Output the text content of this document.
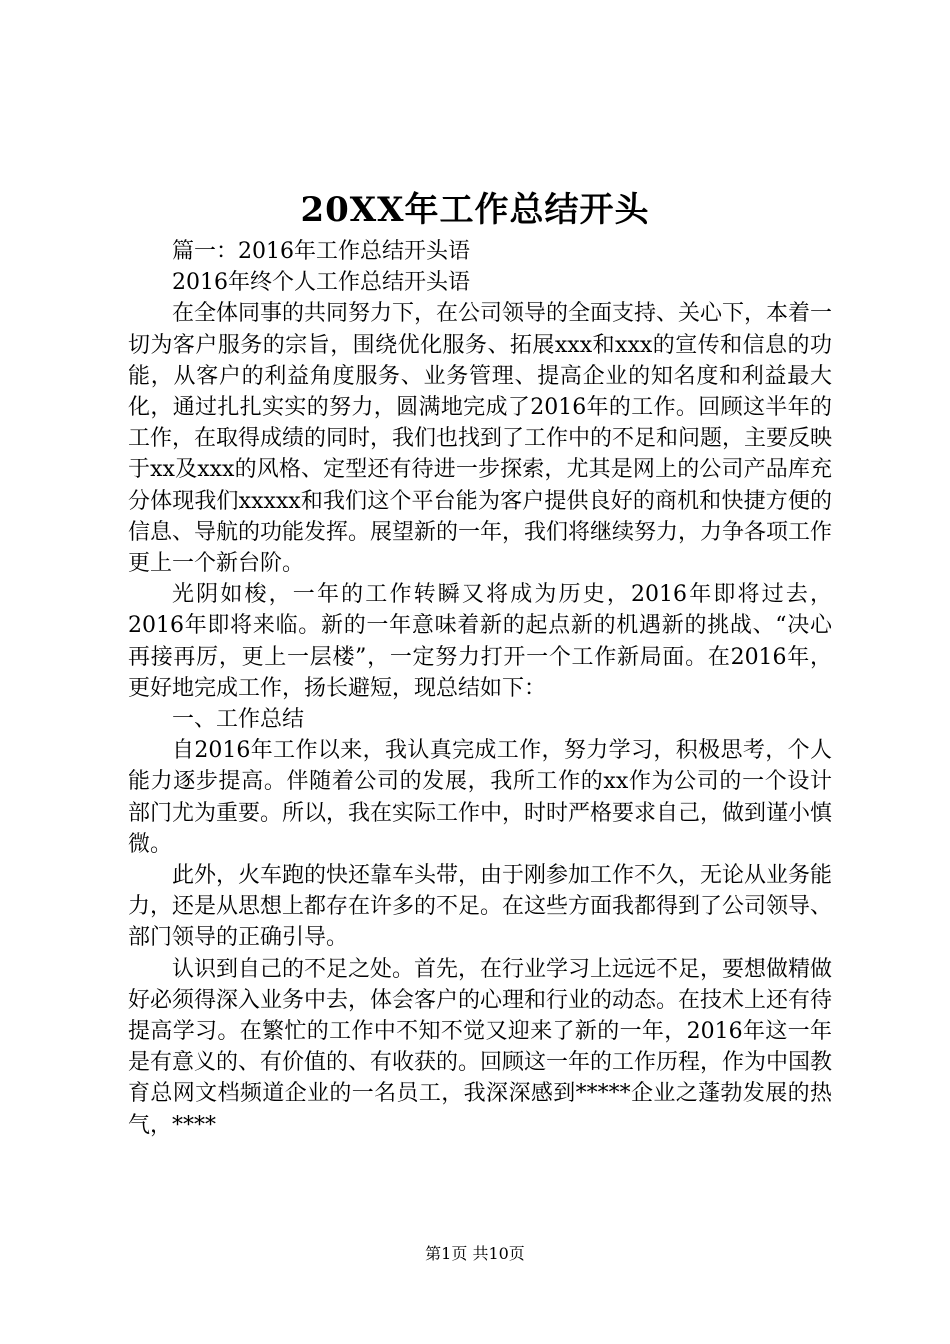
20XX年工作总结开头

篇一：2016年工作总结开头语

2016年终个人工作总结开头语

在全体同事的共同努力下，在公司领导的全面支持、关心下，本着一切为客户服务的宗旨，围绕优化服务、拓展xxx和xxx的宣传和信息的功能，从客户的利益角度服务、业务管理、提高企业的知名度和利益最大化，通过扎扎实实的努力，圆满地完成了2016年的工作。回顾这半年的工作，在取得成绩的同时，我们也找到了工作中的不足和问题，主要反映于xx及xxx的风格、定型还有待进一步探索，尤其是网上的公司产品库充分体现我们xxxxx和我们这个平台能为客户提供良好的商机和快捷方便的信息、导航的功能发挥。展望新的一年，我们将继续努力，力争各项工作更上一个新台阶。

光阴如梭，一年的工作转瞬又将成为历史，2016年即将过去，2016年即将来临。新的一年意味着新的起点新的机遇新的挑战、“决心再接再厉，更上一层楼”，一定努力打开一个工作新局面。在2016年，更好地完成工作，扬长避短，现总结如下：

一、工作总结

自2016年工作以来，我认真完成工作，努力学习，积极思考，个人能力逐步提高。伴随着公司的发展，我所工作的xx作为公司的一个设计部门尤为重要。所以，我在实际工作中，时时严格要求自己，做到谨小慎微。

此外，火车跑的快还靠车头带，由于刚参加工作不久，无论从业务能力，还是从思想上都存在许多的不足。在这些方面我都得到了公司领导、部门领导的正确引导。

认识到自己的不足之处。首先，在行业学习上远远不足，要想做精做好必须得深入业务中去，体会客户的心理和行业的动态。在技术上还有待提高学习。在繁忙的工作中不知不觉又迎来了新的一年，2016年这一年是有意义的、有价值的、有收获的。回顾这一年的工作历程，作为中国教育总网文档频道企业的一名员工，我深深感到*****企业之蓬勃发展的热气，****

第1页 共10页
